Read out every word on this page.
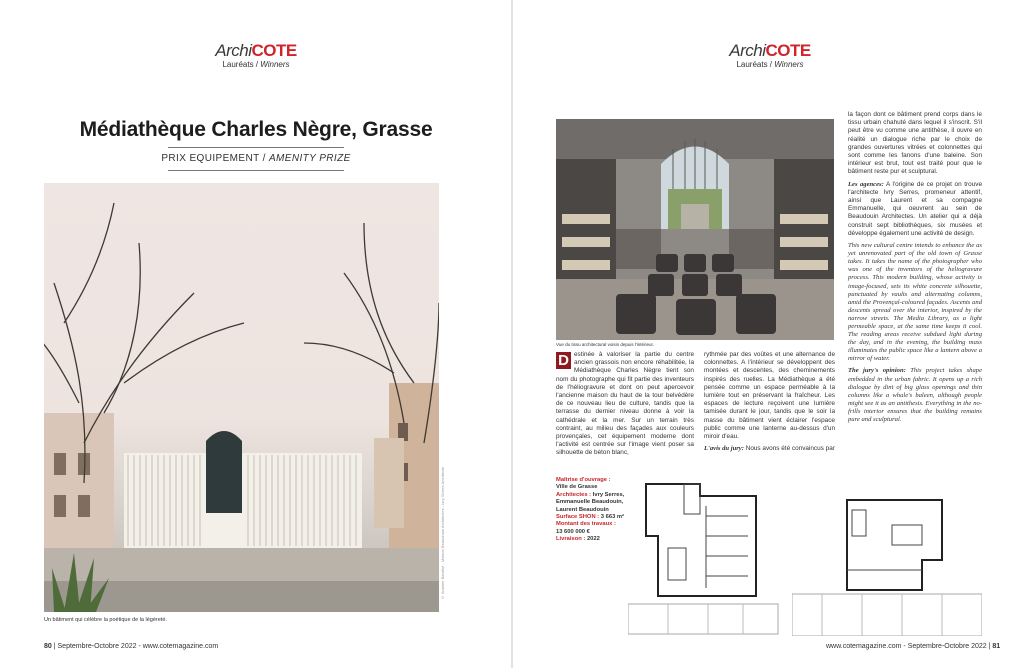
ArchiCOTE
Lauréats / Winners
ArchiCOTE
Lauréats / Winners
Médiathèque Charles Nègre, Grasse
PRIX EQUIPEMENT / AMENITY PRIZE
Un bâtiment qui célèbre la poétique de la légèreté.
© Antoine Baralhé - Maison Beaudouin Architectes - Ivry Serres Architecte
80 | Septembre-Octobre 2022 - www.cotemagazine.com
Vue du tissu architectural voisin depuis l'intérieur.

D estinée à valoriser la partie du centre ancien grassois non encore réhabilitée, la Médiathèque Charles Nègre tient son nom du photographe qui fit partie des inventeurs de l'héliogravure et dont on peut apercevoir l'ancienne maison du haut de la tour belvédère de ce nouveau lieu de culture, tandis que la terrasse du dernier niveau donne à voir la cathédrale et la mer. Sur un terrain très contraint, au milieu des façades aux couleurs provençales, cet équipement moderne dont l'activité est centrée sur l'image vient poser sa silhouette de béton blanc,

rythmée par des voûtes et une alternance de colonnettes. A l'intérieur se développent des montées et descentes, des cheminements inspirés des ruelles. La Médiathèque a été pensée comme un espace perméable à la lumière tout en préservant la fraîcheur. Les espaces de lecture reçoivent une lumière tamisée durant le jour, tandis que le soir la masse du bâtiment vient éclairer l'espace public comme une lanterne au-dessus d'un miroir d'eau.

L'avis du jury: Nous avons été convaincus par

la façon dont ce bâtiment prend corps dans le tissu urbain chahuté dans lequel il s'inscrit. S'il peut être vu comme une antithèse, il ouvre en réalité un dialogue riche par le choix de grandes ouvertures vitrées et colonnettes qui sont comme les fanons d'une baleine. Son intérieur est brut, tout est traité pour que le bâtiment reste pur et sculptural.

Les agences: A l'origine de ce projet on trouve l'architecte Ivry Serres, promeneur attentif, ainsi que Laurent et sa compagne Emmanuelle, qui oeuvrent au sein de Beaudouin Architectes. Un atelier qui a déjà construit sept bibliothèques, six musées et développe également une activité de design.

This new cultural centre intends to enhance the as yet unrenovated part of the old town of Grasse takes. It takes the name of the photographer who was one of the inventors of the heliogravure process. This modern building, whose activity is image-focused, sets its white concrete silhouette, punctuated by vaults and alternating columns, amid the Provençal-coloured façades. Ascents and descents spread over the interior, inspired by the narrow streets. The Media Library, as a light permeable space, at the same time keeps it cool. The reading areas receive subdued light during the day, and in the evening, the building mass illuminates the public space like a lantern above a mirror of water.

The jury's opinion: This project takes shape embedded in the urban fabric. It opens up a rich dialogue by dint of big glass openings and thin columns like a whale's baleen, although people might see it as an antithesis. Everything in the no-frills interior ensures that the building remains pure and sculptural.

Maîtrise d'ouvrage :
Ville de Grasse
Architectes : Ivry Serres, Emmanuelle Beaudouin, Laurent Beaudouin
Surface SHON : 3 663 m²
Montant des travaux :
13 600 000 €
Livraison : 2022
www.cotemagazine.com - Septembre-Octobre 2022 | 81
